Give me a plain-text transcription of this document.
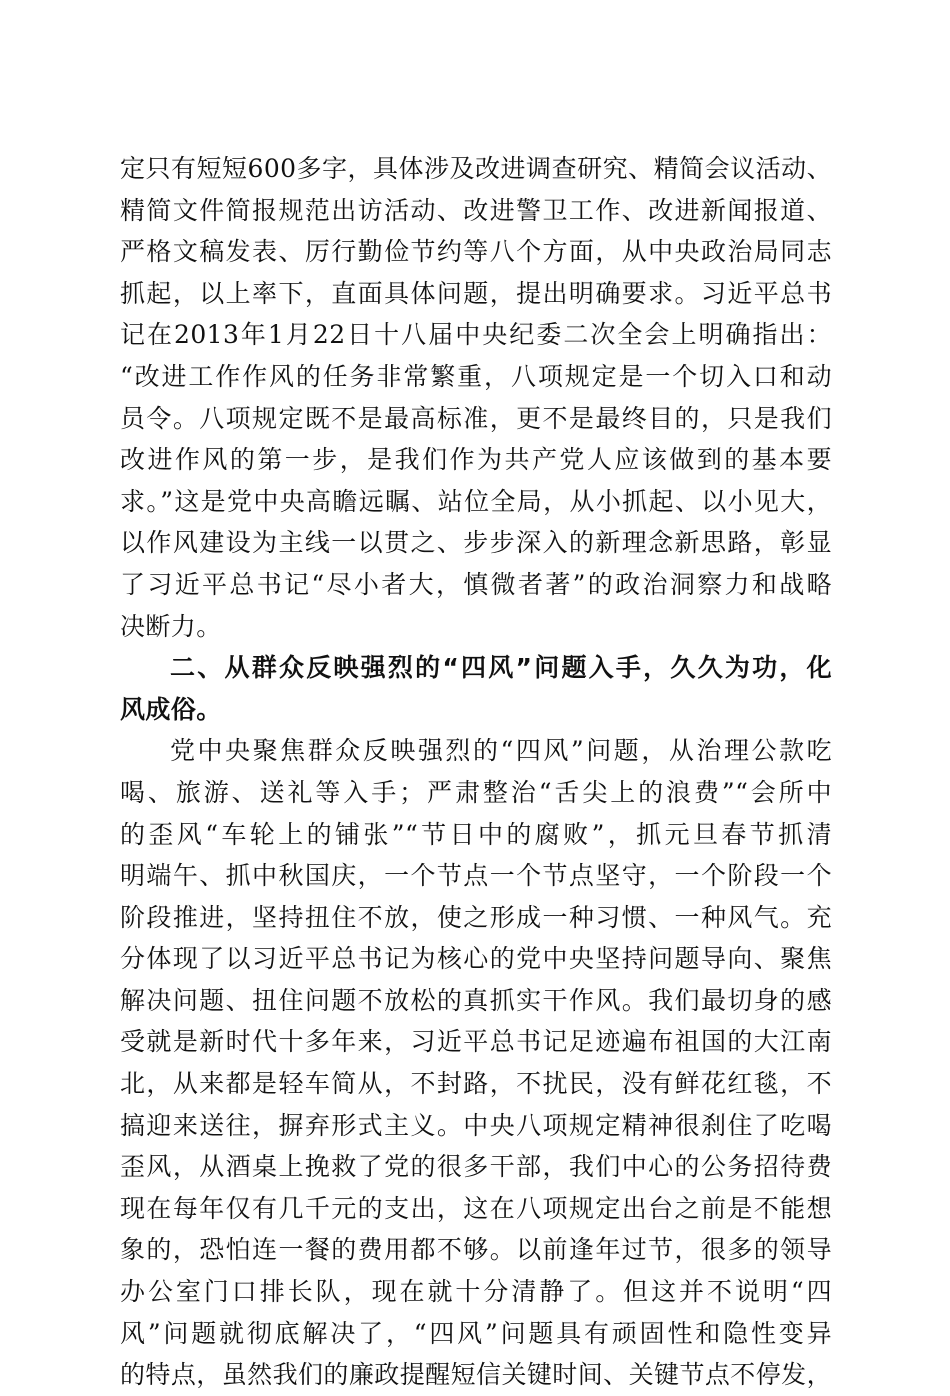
定只有短短600多字，具体涉及改进调查研究、精简会议活动、
精简文件简报规范出访活动、改进警卫工作、改进新闻报道、
严格文稿发表、厉行勤俭节约等八个方面，从中央政治局同志
抓起，以上率下，直面具体问题，提出明确要求。习近平总书
记在2013年1月22日十八届中央纪委二次全会上明确指出：
“改进工作作风的任务非常繁重，八项规定是一个切入口和动
员令。八项规定既不是最高标准，更不是最终目的，只是我们
改进作风的第一步，是我们作为共产党人应该做到的基本要
求。”这是党中央高瞻远瞩、站位全局，从小抓起、以小见大，
以作风建设为主线一以贯之、步步深入的新理念新思路，彰显
了习近平总书记“尽小者大，慎微者著”的政治洞察力和战略
决断力。
二、从群众反映强烈的“四风”问题入手，久久为功，化
风成俗。
党中央聚焦群众反映强烈的“四风”问题，从治理公款吃
喝、旅游、送礼等入手；严肃整治“舌尖上的浪费”“会所中
的歪风“车轮上的铺张”“节日中的腐败”，抓元旦春节抓清
明端午、抓中秋国庆，一个节点一个节点坚守，一个阶段一个
阶段推进，坚持扭住不放，使之形成一种习惯、一种风气。充
分体现了以习近平总书记为核心的党中央坚持问题导向、聚焦
解决问题、扭住问题不放松的真抓实干作风。我们最切身的感
受就是新时代十多年来，习近平总书记足迹遍布祖国的大江南
北，从来都是轻车简从，不封路，不扰民，没有鲜花红毯，不
搞迎来送往，摒弃形式主义。中央八项规定精神很刹住了吃喝
歪风，从酒桌上挽救了党的很多干部，我们中心的公务招待费
现在每年仅有几千元的支出，这在八项规定出台之前是不能想
象的，恐怕连一餐的费用都不够。以前逢年过节，很多的领导
办公室门口排长队，现在就十分清静了。但这并不说明“四
风”问题就彻底解决了，“四风”问题具有顽固性和隐性变异
的特点，虽然我们的廉政提醒短信关键时间、关键节点不停发，
